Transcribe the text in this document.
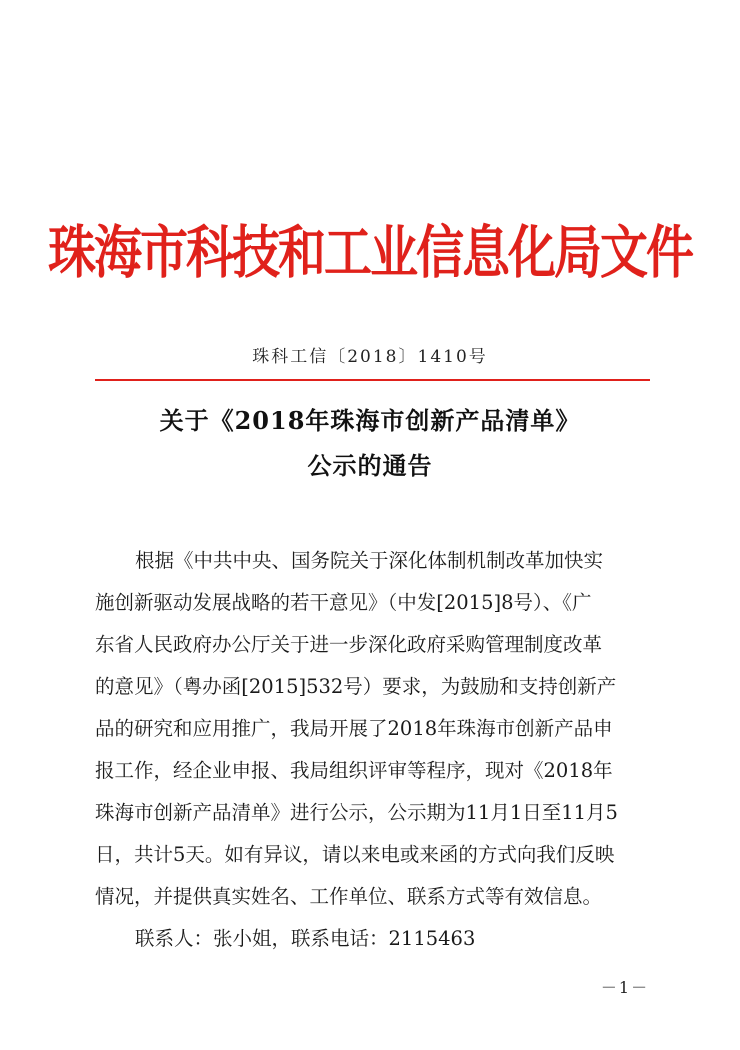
珠海市科技和工业信息化局文件
珠科工信〔2018〕1410号
关于《2018年珠海市创新产品清单》
公示的通告
根据《中共中央、国务院关于深化体制机制改革加快实
施创新驱动发展战略的若干意见》（中发[2015]8号）、《广
东省人民政府办公厅关于进一步深化政府采购管理制度改革
的意见》（粤办函[2015]532号）要求，为鼓励和支持创新产
品的研究和应用推广，我局开展了2018年珠海市创新产品申
报工作，经企业申报、我局组织评审等程序，现对《2018年
珠海市创新产品清单》进行公示，公示期为11月1日至11月5
日，共计5天。如有异议，请以来电或来函的方式向我们反映
情况，并提供真实姓名、工作单位、联系方式等有效信息。
联系人：张小姐，联系电话：2115463
－1－
